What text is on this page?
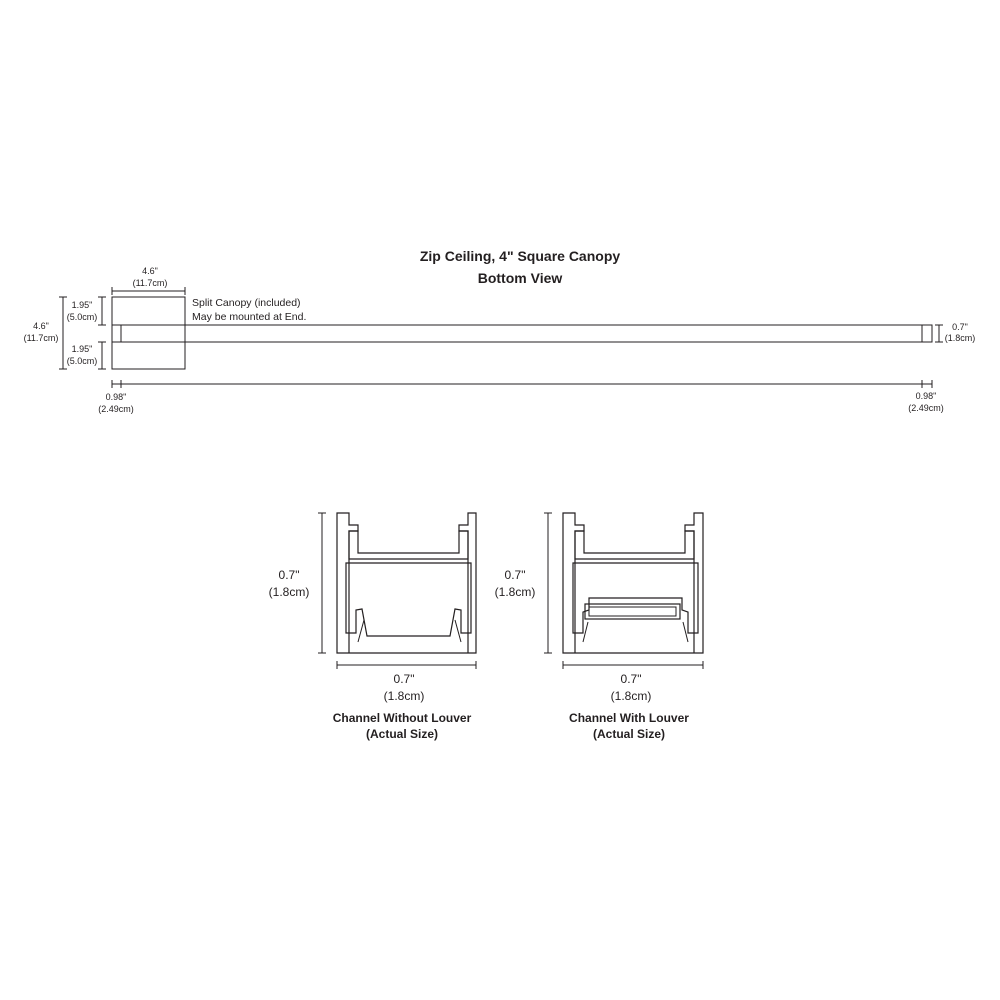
Zip Ceiling, 4" Square Canopy
Bottom View
4.6"
(11.7cm)
4.6"
(11.7cm)
1.95"
(5.0cm)
1.95"
(5.0cm)
Split Canopy (included)
May be mounted at End.
0.7"
(1.8cm)
0.98"
(2.49cm)
0.98"
(2.49cm)
0.7"
(1.8cm)
0.7"
(1.8cm)
Channel Without Louver
(Actual Size)
0.7"
(1.8cm)
0.7"
(1.8cm)
Channel With Louver
(Actual Size)
